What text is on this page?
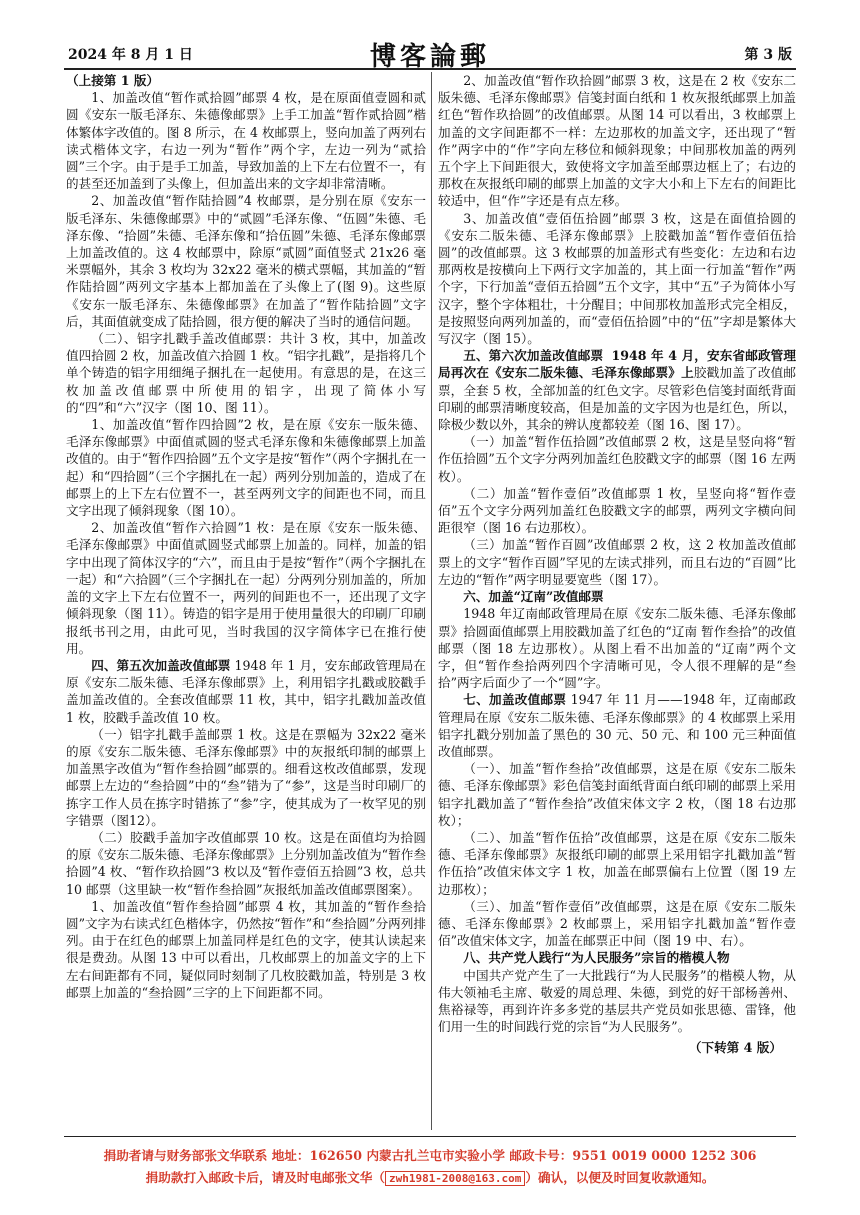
2024 年 8 月 1 日	博客論郵	第 3 版

（上接第 1 版）

1、加盖改值“暂作贰拾圆”邮票 4 枚，是在原面值壹圆和贰圆《安东一版毛泽东、朱德像邮票》上手工加盖“暂作贰拾圆”楷体繁体字改值的。图 8 所示，在 4 枚邮票上，竖向加盖了两列右读式楷体文字，右边一列为“暂作”两个字，左边一列为“贰拾圆”三个字。由于是手工加盖，导致加盖的上下左右位置不一，有的甚至还加盖到了头像上，但加盖出来的文字却非常清晰。

2、加盖改值“暂作陆拾圆”4 枚邮票，是分别在原《安东一版毛泽东、朱德像邮票》中的“贰圆”毛泽东像、“伍圆”朱德、毛泽东像、“拾圆”朱德、毛泽东像和“拾伍圆”朱德、毛泽东像邮票上加盖改值的。这 4 枚邮票中，除原“贰圆”面值竖式 21x26 毫米票幅外，其余 3 枚均为 32x22 毫米的横式票幅，其加盖的“暂作陆拾圆”两列文字基本上都加盖在了头像上了(图 9)。这些原《安东一版毛泽东、朱德像邮票》在加盖了“暂作陆拾圆”文字后，其面值就变成了陆拾圆，很方便的解决了当时的通信问题。

（二）、铝字扎戳手盖改值邮票：共计 3 枚，其中，加盖改值四拾圆 2 枚，加盖改值六拾圆 1 枚。“铝字扎戳”，是指将几个单个铸造的铝字用细绳子捆扎在一起使用。有意思的是，在这三枚加盖改值邮票中所使用的铝字，出现了简体小写的“四”和“六”汉字（图 10、图 11）。

1、加盖改值“暂作四拾圆”2 枚，是在原《安东一版朱德、毛泽东像邮票》中面值贰圆的竖式毛泽东像和朱德像邮票上加盖改值的。由于“暂作四拾圆”五个文字是按“暂作”（两个字捆扎在一起）和“四拾圆”（三个字捆扎在一起）两列分别加盖的，造成了在邮票上的上下左右位置不一，甚至两列文字的间距也不同，而且文字出现了倾斜现象（图 10）。

2、加盖改值“暂作六拾圆”1 枚：是在原《安东一版朱德、毛泽东像邮票》中面值贰圆竖式邮票上加盖的。同样，加盖的铝字中出现了简体汉字的“六”，而且由于是按“暂作”（两个字捆扎在一起）和“六拾圆”（三个字捆扎在一起）分两列分别加盖的，所加盖的文字上下左右位置不一，两列的间距也不一，还出现了文字倾斜现象（图 11）。铸造的铝字是用于使用量很大的印刷厂印刷报纸书刊之用，由此可见，当时我国的汉字简体字已在推行使用。

四、第五次加盖改值邮票 1948 年 1 月，安东邮政管理局在原《安东二版朱德、毛泽东像邮票》上，利用铝字扎戳或胶戳手盖加盖改值的。全套改值邮票 11 枚，其中，铝字扎戳加盖改值 1 枚，胶戳手盖改值 10 枚。

（一）铝字扎戳手盖邮票 1 枚。这是在票幅为 32x22 毫米的原《安东二版朱德、毛泽东像邮票》中的灰报纸印制的邮票上加盖黑字改值为“暂作叁拾圆”邮票的。细看这枚改值邮票，发现邮票上左边的“叁拾圆”中的“叁”错为了“参”，这是当时印刷厂的拣字工作人员在拣字时错拣了“参”字，使其成为了一枚罕见的别字错票（图12）。

（二）胶戳手盖加字改值邮票 10 枚。这是在面值均为拾圆的原《安东二版朱德、毛泽东像邮票》上分别加盖改值为“暂作叁拾圆”4 枚、“暂作玖拾圆”3 枚以及“暂作壹佰五拾圆”3 枚，总共 10 邮票（这里缺一枚“暂作叁拾圆”灰报纸加盖改值邮票图案）。

1、加盖改值“暂作叁拾圆”邮票 4 枚，其加盖的“暂作叁拾圆”文字为右读式红色楷体字，仍然按“暂作”和“叁拾圆”分两列排列。由于在红色的邮票上加盖同样是红色的文字，使其认读起来很是费劲。从图 13 中可以看出，几枚邮票上的加盖文字的上下左右间距都有不同，疑似同时刻制了几枚胶戳加盖，特别是 3 枚邮票上加盖的“叁拾圆”三字的上下间距都不同。

2、加盖改值“暂作玖拾圆”邮票 3 枚，这是在 2 枚《安东二版朱德、毛泽东像邮票》信笺封面白纸和 1 枚灰报纸邮票上加盖红色“暂作玖拾圆”的改值邮票。从图 14 可以看出，3 枚邮票上加盖的文字间距都不一样：左边那枚的加盖文字，还出现了“暂作”两字中的“作”字向左移位和倾斜现象；中间那枚加盖的两列五个字上下间距很大，致使将文字加盖至邮票边框上了；右边的那枚在灰报纸印刷的邮票上加盖的文字大小和上下左右的间距比较适中，但“作”字还是有点左移。

3、加盖改值“壹佰伍拾圆”邮票 3 枚，这是在面值拾圆的《安东二版朱德、毛泽东像邮票》上胶戳加盖“暂作壹佰伍拾圆”的改值邮票。这 3 枚邮票的加盖形式有些变化：左边和右边那两枚是按横向上下两行文字加盖的，其上面一行加盖“暂作”两个字，下行加盖“壹佰五拾圆”五个文字，其中“五”子为简体小写汉字，整个字体粗壮，十分醒目；中间那枚加盖形式完全相反，是按照竖向两列加盖的，而“壹佰伍拾圆”中的“伍”字却是繁体大写汉字（图 15）。

五、第六次加盖改值邮票 1948 年 4 月，安东省邮政管理局再次在《安东二版朱德、毛泽东像邮票》上胶戳加盖了改值邮票，全套 5 枚，全部加盖的红色文字。尽管彩色信笺封面纸背面印刷的邮票清晰度较高，但是加盖的文字因为也是红色，所以，除极少数以外，其余的辨认度都较差（图 16、图 17）。

（一）加盖“暂作伍拾圆”改值邮票 2 枚，这是呈竖向将“暂作伍拾圆”五个文字分两列加盖红色胶戳文字的邮票（图 16 左两枚）。

（二）加盖“暂作壹佰”改值邮票 1 枚，呈竖向将“暂作壹佰”五个文字分两列加盖红色胶戳文字的邮票，两列文字横向间距很窄（图 16 右边那枚）。

（三）加盖“暂作百圆”改值邮票 2 枚，这 2 枚加盖改值邮票上的文字“暂作百圆”罕见的左读式排列，而且右边的“百圆”比左边的“暂作”两字明显要宽些（图 17）。

六、加盖“辽南”改值邮票

1948 年辽南邮政管理局在原《安东二版朱德、毛泽东像邮票》拾圆面值邮票上用胶戳加盖了红色的“辽南 暂作叁拾”的改值邮票（图 18 左边那枚）。从图上看不出加盖的“辽南”两个文字，但“暂作叁拾两列四个字清晰可见，令人很不理解的是“叁拾”两字后面少了一个“圆”字。

七、加盖改值邮票 1947 年 11 月——1948 年，辽南邮政管理局在原《安东二版朱德、毛泽东像邮票》的 4 枚邮票上采用铝字扎戳分别加盖了黑色的 30 元、50 元、和 100 元三种面值改值邮票。

（一）、加盖“暂作叁拾”改值邮票，这是在原《安东二版朱德、毛泽东像邮票》彩色信笺封面纸背面白纸印刷的邮票上采用铝字扎戳加盖了“暂作叁拾”改值宋体文字 2 枚，（图 18 右边那枚）；

（二）、加盖“暂作伍拾”改值邮票，这是在原《安东二版朱德、毛泽东像邮票》灰报纸印刷的邮票上采用铝字扎戳加盖“暂作伍拾”改值宋体文字 1 枚，加盖在邮票偏右上位置（图 19 左边那枚）；

（三）、加盖“暂作壹佰”改值邮票，这是在原《安东二版朱德、毛泽东像邮票》2 枚邮票上，采用铝字扎戳加盖“暂作壹佰”改值宋体文字，加盖在邮票正中间（图 19 中、右）。

八、共产党人践行“为人民服务”宗旨的楷模人物

中国共产党产生了一大批践行“为人民服务”的楷模人物，从伟大领袖毛主席、敬爱的周总理、朱德，到党的好干部杨善州、焦裕禄等，再到许许多多党的基层共产党员如张思德、雷锋，他们用一生的时间践行党的宗旨“为人民服务”。

（下转第 4 版）

捐助者请与财务部张文华联系 地址：162650 内蒙古扎兰屯市实验小学 邮政卡号：9551 0019 0000 1252 306
捐助款打入邮政卡后，请及时电邮张文华（ zwh1981-2008@163.com ）确认，以便及时回复收款通知。
